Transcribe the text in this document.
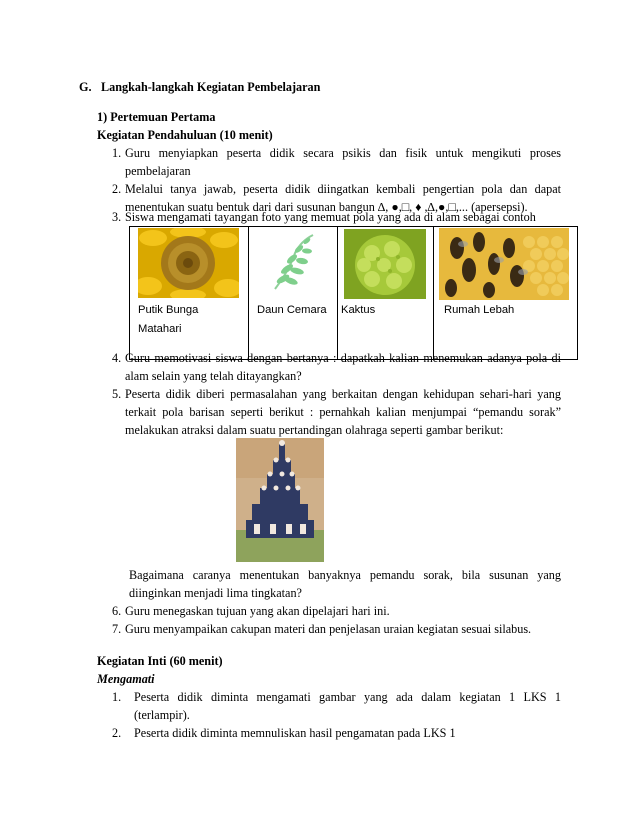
G. Langkah-langkah Kegiatan Pembelajaran
1) Pertemuan Pertama
Kegiatan Pendahuluan (10 menit)
1. Guru menyiapkan peserta didik secara psikis dan fisik untuk mengikuti proses
pembelajaran
2. Melalui tanya jawab, peserta didik diingatkan kembali pengertian pola dan dapat
menentukan suatu bentuk dari dari susunan bangun ∆, ●,□, ♦ ,∆,●,□,... (apersepsi).
3. Siswa mengamati tayangan foto yang memuat pola yang ada di alam sebagai contoh
Putik Bunga
Matahari

Daun Cemara	Kaktus	Rumah Lebah
4. Guru memotivasi siswa dengan bertanya : dapatkah kalian menemukan adanya pola di
alam selain yang telah ditayangkan?
5. Peserta didik diberi permasalahan yang berkaitan dengan kehidupan sehari-hari yang
terkait pola barisan seperti berikut : pernahkah kalian menjumpai “pemandu sorak”
melakukan atraksi dalam suatu pertandingan olahraga seperti gambar berikut:
Bagaimana caranya menentukan banyaknya pemandu sorak, bila susunan yang
diinginkan menjadi lima tingkatan?
6. Guru menegaskan tujuan yang akan dipelajari hari ini.
7. Guru menyampaikan cakupan materi dan penjelasan uraian kegiatan sesuai silabus.
Kegiatan Inti (60 menit)
Mengamati
1. Peserta didik diminta mengamati gambar yang ada dalam kegiatan 1 LKS 1
(terlampir).
2. Peserta didik diminta memnuliskan hasil pengamatan pada LKS 1
